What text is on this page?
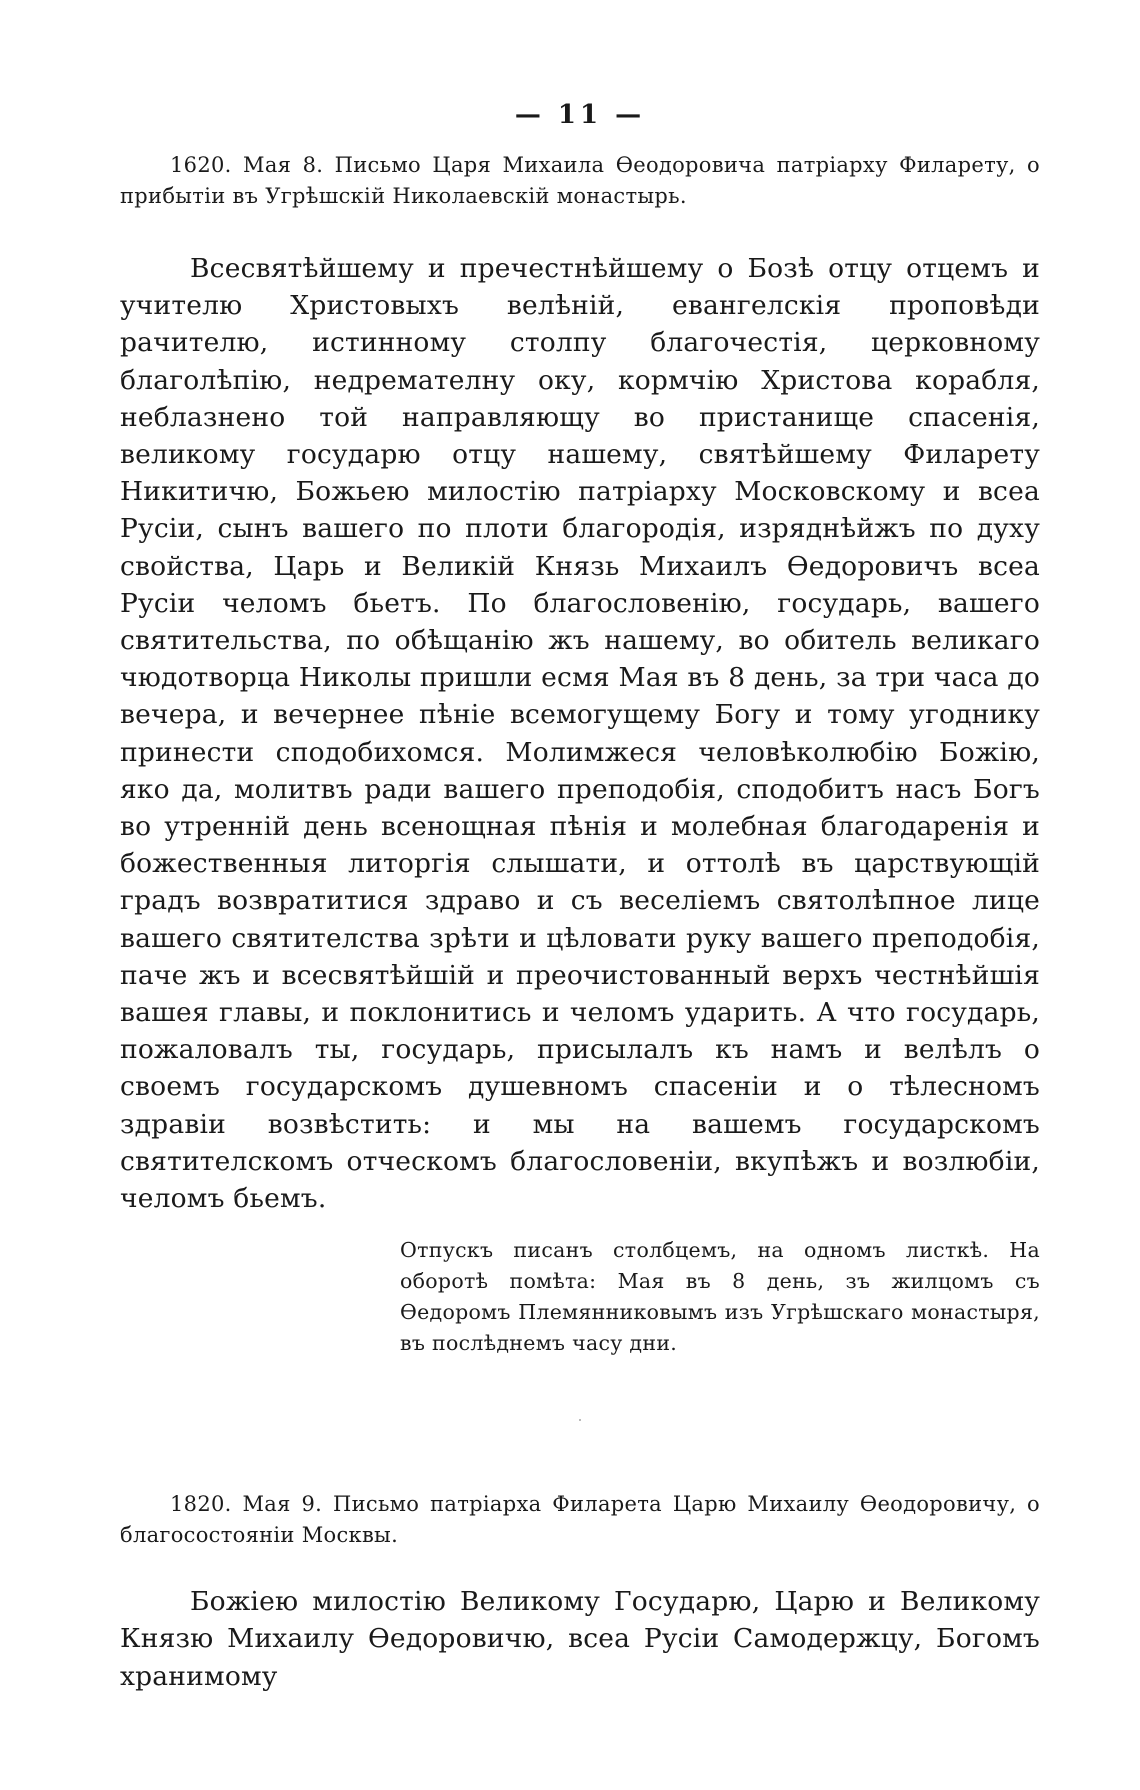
— 11 —

1620. Мая 8. Письмо Царя Михаила Өеодоровича патріарху Филарету, о прибытіи въ Угрѣшскій Николаевскій монастырь.

Всесвятѣйшему и пречестнѣйшему о Бозѣ отцу отцемъ и учителю Христовыхъ велѣній, евангелскія проповѣди рачителю, истинному столпу благочестія, церковному благолѣпію, недремателну оку, кормчію Христова корабля, неблазнено той направляющу во пристанище спасенія, великому государю отцу нашему, святѣйшему Филарету Никитичю, Божьею милостію патріарху Московскому и всеа Русіи, сынъ вашего по плоти благородія, изряднѣйжъ по духу свойства, Царь и Великій Князь Михаилъ Өедоровичъ всеа Русіи челомъ бьетъ. По благословенію, государь, вашего святительства, по обѣщанію жъ нашему, во обитель великаго чюдотворца Николы пришли есмя Мая въ 8 день, за три часа до вечера, и вечернее пѣніе всемогущему Богу и тому угоднику принести сподобихомся. Молимжеся человѣколюбію Божію, яко да, молитвъ ради вашего преподобія, сподобитъ насъ Богъ во утренній день всенощная пѣнія и молебная благодаренія и божественныя литоргія слышати, и оттолѣ въ царствующій градъ возвратитися здраво и съ веселіемъ святолѣпное лице вашего святителства зрѣти и цѣловати руку вашего преподобія, паче жъ и всесвятѣйшій и преочистованный верхъ честнѣйшія вашея главы, и поклонитись и челомъ ударить. А что государь, пожаловалъ ты, государь, присылалъ къ намъ и велѣлъ о своемъ государскомъ душевномъ спасеніи и о тѣлесномъ здравіи возвѣстить: и мы на вашемъ государскомъ святителскомъ отческомъ благословеніи, вкупѣжъ и возлюбіи, челомъ бьемъ.

Отпускъ писанъ столбцемъ, на одномъ листкѣ. На оборотѣ помѣта: Мая въ 8 день, зъ жилцомъ съ Өедоромъ Племянниковымъ изъ Угрѣшскаго монастыря, въ послѣднемъ часу дни.

1820. Мая 9. Письмо патріарха Филарета Царю Михаилу Өеодоровичу, о благосостояніи Москвы.

Божіею милостію Великому Государю, Царю и Великому Князю Михаилу Өедоровичю, всеа Русіи Самодержцу, Богомъ хранимому
